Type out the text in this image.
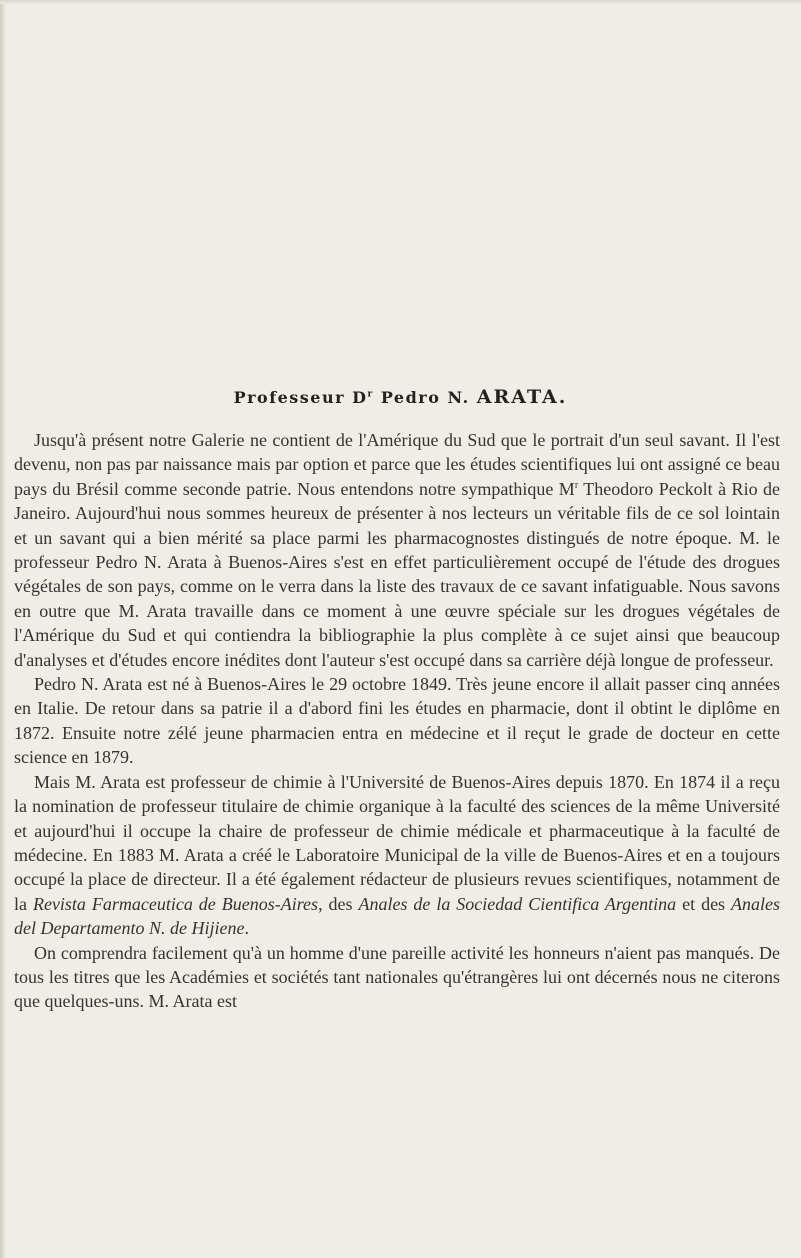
Professeur $D^r$ Pedro N. ARATA.

Jusqu'à présent notre Galerie ne contient de l'Amérique du Sud que le portrait d'un seul savant. Il l'est devenu, non pas par naissance mais par option et parce que les études scientifiques lui ont assigné ce beau pays du Brésil comme seconde patrie. Nous entendons notre sympathique $M^r$ Theodoro Peckolt à Rio de Janeiro. Aujourd'hui nous sommes heureux de présenter à nos lecteurs un véritable fils de ce sol lointain et un savant qui a bien mérité sa place parmi les pharmacognostes distingués de notre époque. M. le professeur Pedro N. Arata à Buenos-Aires s'est en effet particulièrement occupé de l'étude des drogues végétales de son pays, comme on le verra dans la liste des travaux de ce savant infatiguable. Nous savons en outre que M. Arata travaille dans ce moment à une œuvre spéciale sur les drogues végétales de l'Amérique du Sud et qui contiendra la bibliographie la plus complète à ce sujet ainsi que beaucoup d'analyses et d'études encore inédites dont l'auteur s'est occupé dans sa carrière déjà longue de professeur.

Pedro N. Arata est né à Buenos-Aires le 29 octobre 1849. Très jeune encore il allait passer cinq années en Italie. De retour dans sa patrie il a d'abord fini les études en pharmacie, dont il obtint le diplôme en 1872. Ensuite notre zélé jeune pharmacien entra en médecine et il reçut le grade de docteur en cette science en 1879.

Mais M. Arata est professeur de chimie à l'Université de Buenos-Aires depuis 1870. En 1874 il a reçu la nomination de professeur titulaire de chimie organique à la faculté des sciences de la même Université et aujourd'hui il occupe la chaire de professeur de chimie médicale et pharmaceutique à la faculté de médecine. En 1883 M. Arata a créé le Laboratoire Municipal de la ville de Buenos-Aires et en a toujours occupé la place de directeur. Il a été également rédacteur de plusieurs revues scientifiques, notamment de la Revista Farmaceutica de Buenos-Aires, des Anales de la Sociedad Cientifica Argentina et des Anales del Departamento N. de Hijiene.

On comprendra facilement qu'à un homme d'une pareille activité les honneurs n'aient pas manqués. De tous les titres que les Académies et sociétés tant nationales qu'étrangères lui ont décernés nous ne citerons que quelques-uns. M. Arata est
